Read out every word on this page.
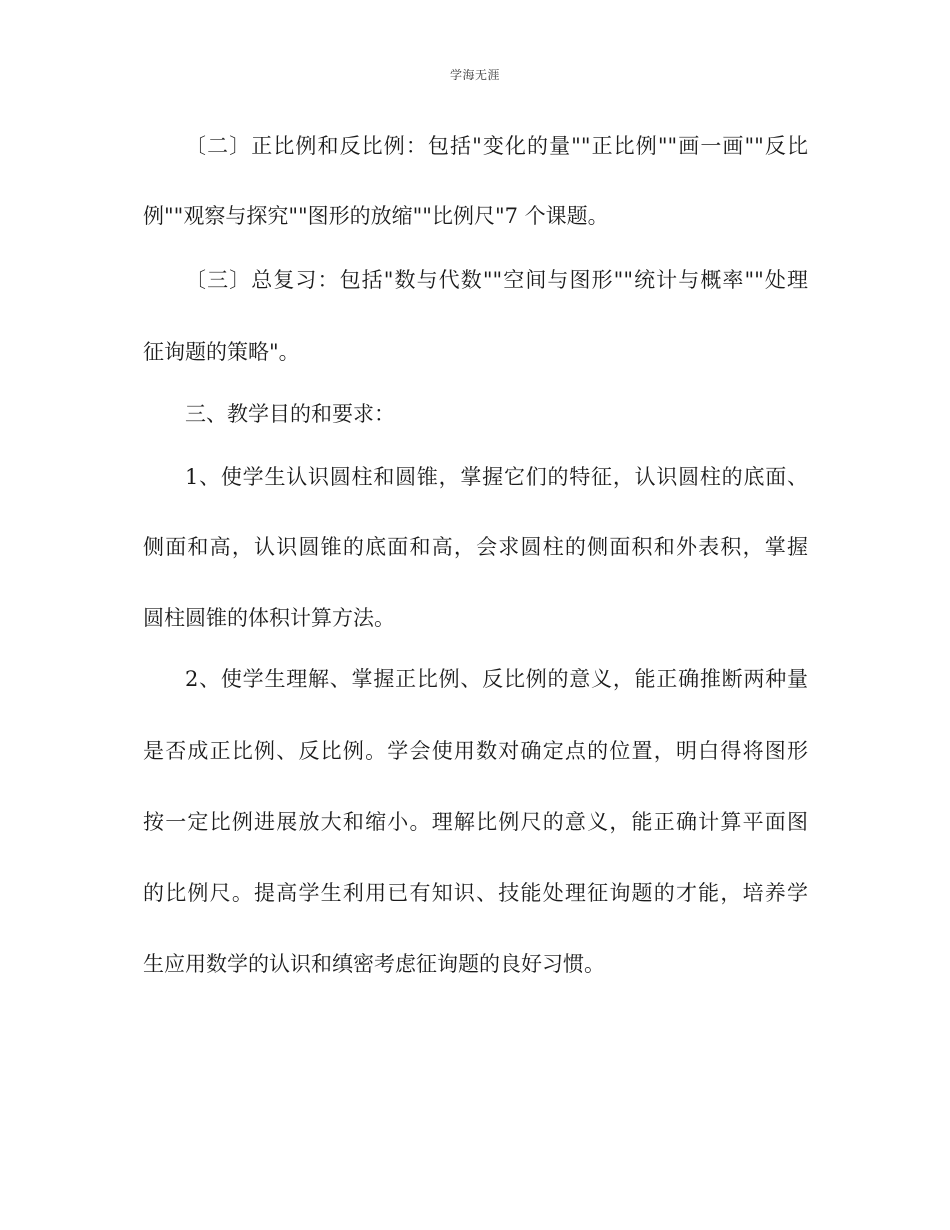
学海无涯
〔二〕正比例和反比例：包括"变化的量""正比例""画一画""反比
例""观察与探究""图形的放缩""比例尺"7 个课题。
〔三〕总复习：包括"数与代数""空间与图形""统计与概率""处理
征询题的策略"。
三、教学目的和要求：
1、使学生认识圆柱和圆锥，掌握它们的特征，认识圆柱的底面、
侧面和高，认识圆锥的底面和高，会求圆柱的侧面积和外表积，掌握
圆柱圆锥的体积计算方法。
2、使学生理解、掌握正比例、反比例的意义，能正确推断两种量
是否成正比例、反比例。学会使用数对确定点的位置，明白得将图形
按一定比例进展放大和缩小。理解比例尺的意义，能正确计算平面图
的比例尺。提高学生利用已有知识、技能处理征询题的才能，培养学
生应用数学的认识和缜密考虑征询题的良好习惯。
